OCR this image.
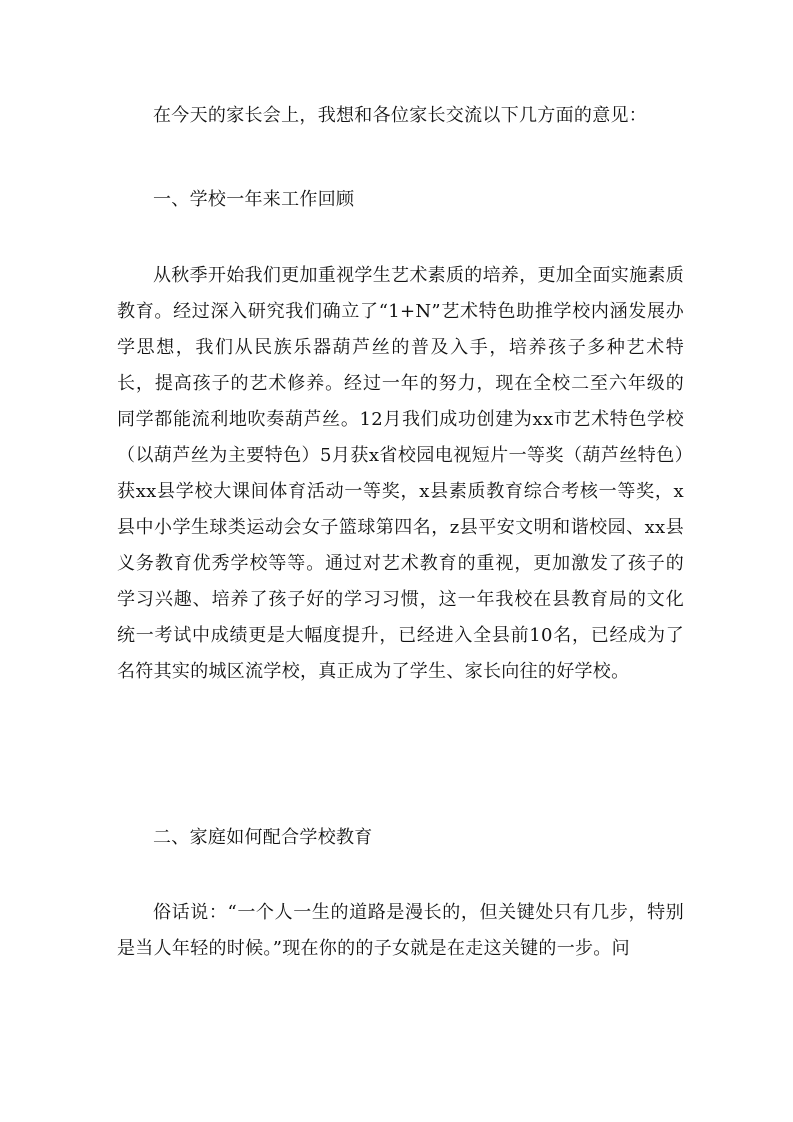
在今天的家长会上，我想和各位家长交流以下几方面的意见：

一、学校一年来工作回顾

从秋季开始我们更加重视学生艺术素质的培养，更加全面实施素质教育。经过深入研究我们确立了“1+N”艺术特色助推学校内涵发展办学思想，我们从民族乐器葫芦丝的普及入手，培养孩子多种艺术特长，提高孩子的艺术修养。经过一年的努力，现在全校二至六年级的同学都能流利地吹奏葫芦丝。12月我们成功创建为xx市艺术特色学校（以葫芦丝为主要特色）5月获x省校园电视短片一等奖（葫芦丝特色）获xx县学校大课间体育活动一等奖，x县素质教育综合考核一等奖，x县中小学生球类运动会女子篮球第四名，z县平安文明和谐校园、xx县义务教育优秀学校等等。通过对艺术教育的重视，更加激发了孩子的学习兴趣、培养了孩子好的学习习惯，这一年我校在县教育局的文化统一考试中成绩更是大幅度提升，已经进入全县前10名，已经成为了名符其实的城区流学校，真正成为了学生、家长向往的好学校。

二、家庭如何配合学校教育

俗话说：“一个人一生的道路是漫长的，但关键处只有几步，特别是当人年轻的时候。”现在你的的子女就是在走这关键的一步。问
